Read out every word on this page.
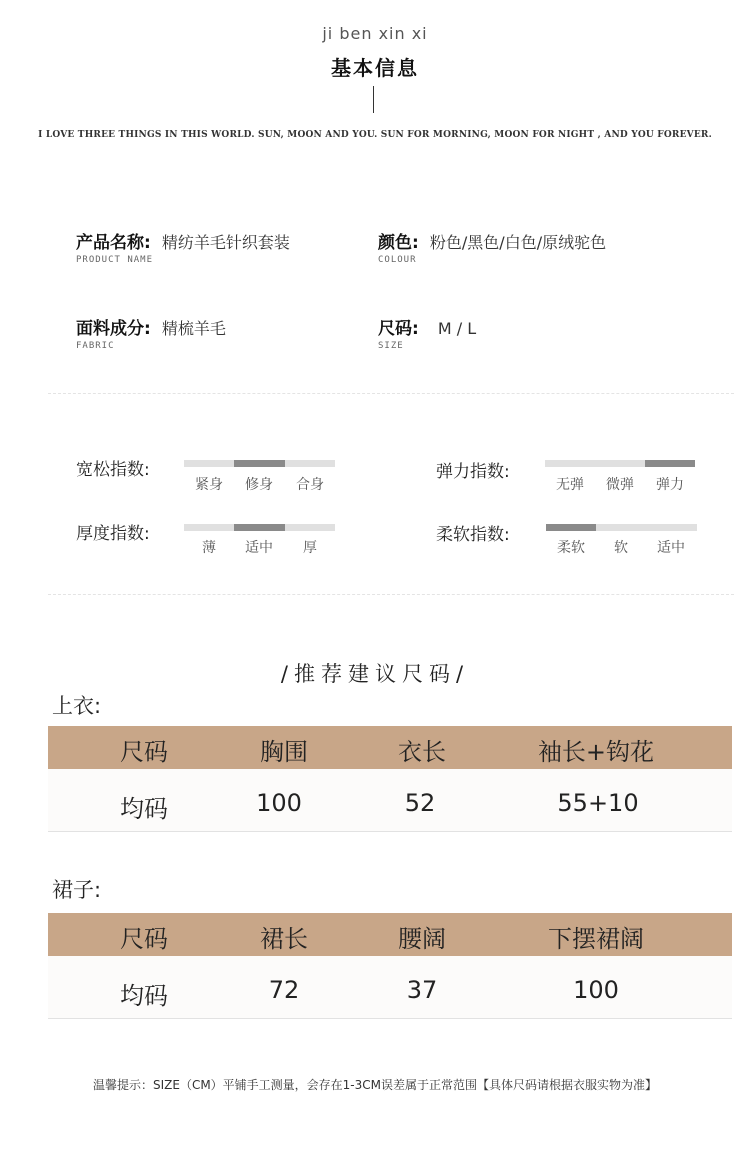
ji ben xin xi
基本信息
I LOVE THREE THINGS IN THIS WORLD. SUN, MOON AND YOU. SUN FOR MORNING, MOON FOR NIGHT , AND YOU FOREVER.
产品名称: 精纺羊毛针织套装
PRODUCT NAME
颜色: 粉色/黑色/白色/原绒驼色
COLOUR
面料成分: 精梳羊毛
FABRIC
尺码: M / L
SIZE
宽松指数:
紧身	修身	合身
弹力指数:
无弹	微弹	弹力
厚度指数:
薄	适中	厚
柔软指数:
柔软	软	适中
/推荐建议尺码/
上衣:
尺码	胸围	衣长	袖长+钩花
均码	100	52	55+10
裙子:
尺码	裙长	腰阔	下摆裙阔
均码	72	37	100
温馨提示：SIZE（CM）平铺手工测量，会存在1-3CM误差属于正常范围【具体尺码请根据衣服实物为准】
